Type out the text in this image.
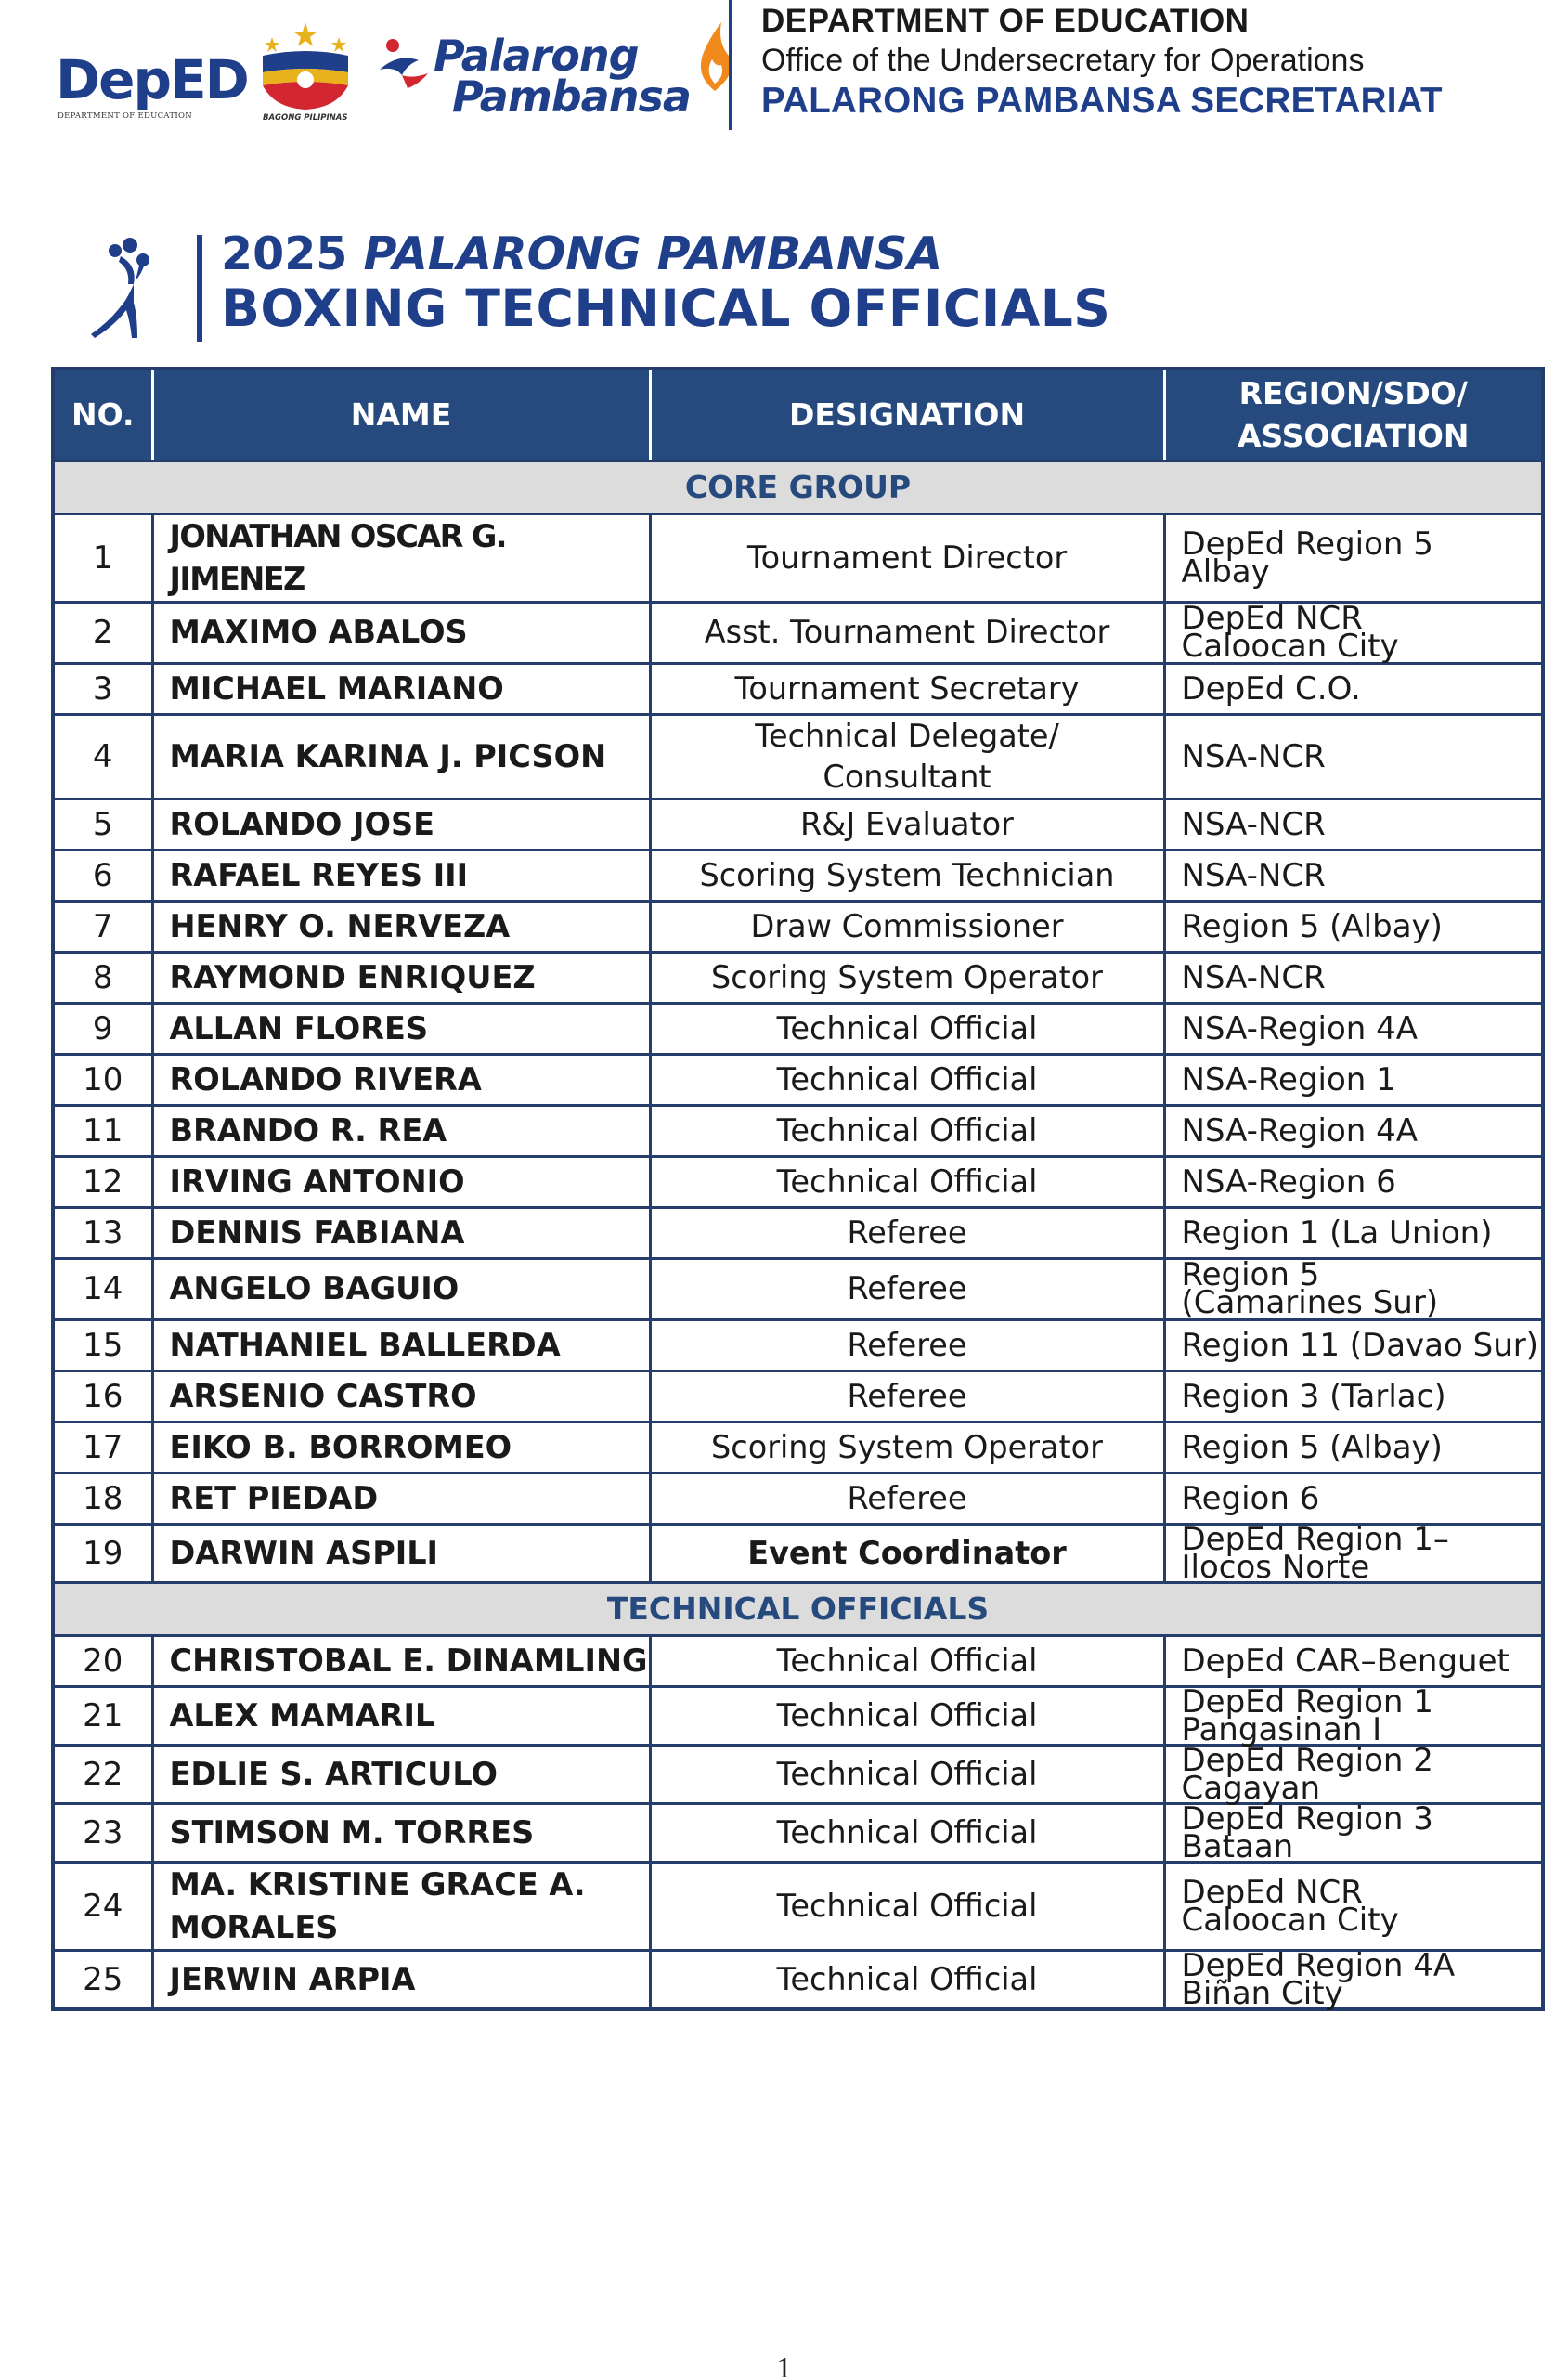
DepED
DEPARTMENT OF EDUCATION	BAGONG PILIPINAS
Palarong
Pambansa
DEPARTMENT OF EDUCATION
Office of the Undersecretary for Operations
PALARONG PAMBANSA SECRETARIAT
2025 PALARONG PAMBANSA
BOXING TECHNICAL OFFICIALS
NO.	NAME	DESIGNATION	REGION/SDO/
ASSOCIATION
CORE GROUP			
1	JONATHAN OSCAR G. JIMENEZ	Tournament Director	DepEd Region 5
Albay
2	MAXIMO ABALOS	Asst. Tournament Director	DepEd NCR
Caloocan City
3	MICHAEL MARIANO	Tournament Secretary	DepEd C.O.
4	MARIA KARINA J. PICSON	Technical Delegate/
Consultant	NSA-NCR
5	ROLANDO JOSE	R&J Evaluator	NSA-NCR
6	RAFAEL REYES III	Scoring System Technician	NSA-NCR
7	HENRY O. NERVEZA	Draw Commissioner	Region 5 (Albay)
8	RAYMOND ENRIQUEZ	Scoring System Operator	NSA-NCR
9	ALLAN FLORES	Technical Official	NSA-Region 4A
10	ROLANDO RIVERA	Technical Official	NSA-Region 1
11	BRANDO R. REA	Technical Official	NSA-Region 4A
12	IRVING ANTONIO	Technical Official	NSA-Region 6
13	DENNIS FABIANA	Referee	Region 1 (La Union)
14	ANGELO BAGUIO	Referee	Region 5
(Camarines Sur)
15	NATHANIEL BALLERDA	Referee	Region 11 (Davao Sur)
16	ARSENIO CASTRO	Referee	Region 3 (Tarlac)
17	EIKO B. BORROMEO	Scoring System Operator	Region 5 (Albay)
18	RET PIEDAD	Referee	Region 6
19	DARWIN ASPILI	Event Coordinator	DepEd Region 1–
Ilocos Norte
TECHNICAL OFFICIALS			
20	CHRISTOBAL E. DINAMLING	Technical Official	DepEd CAR–Benguet
21	ALEX MAMARIL	Technical Official	DepEd Region 1
Pangasinan I
22	EDLIE S. ARTICULO	Technical Official	DepEd Region 2
Cagayan
23	STIMSON M. TORRES	Technical Official	DepEd Region 3
Bataan
24	MA. KRISTINE GRACE A.
MORALES	Technical Official	DepEd NCR
Caloocan City
25	JERWIN ARPIA	Technical Official	DepEd Region 4A
Biñan City
1
